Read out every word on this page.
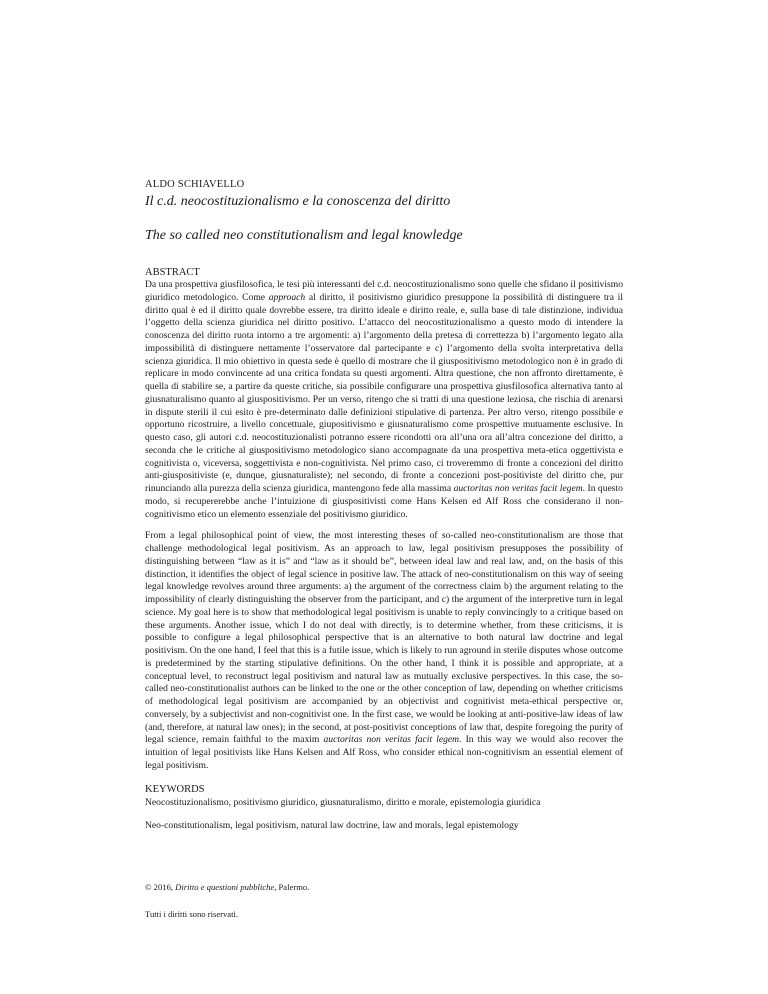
ALDO SCHIAVELLO

Il c.d. neocostituzionalismo e la conoscenza del diritto

The so called neo constitutionalism and legal knowledge

ABSTRACT

Da una prospettiva giusfilosofica, le tesi più interessanti del c.d. neocostituzionalismo sono quelle che sfidano il positivismo giuridico metodologico. Come approach al diritto, il positivismo giuridico presuppone la possibilità di distinguere tra il diritto qual è ed il diritto quale dovrebbe essere, tra diritto ideale e diritto reale, e, sulla base di tale distinzione, individua l’oggetto della scienza giuridica nel diritto positivo. L’attacco del neocostituzionalismo a questo modo di intendere la conoscenza del diritto ruota intorno a tre argomenti: a) l’argomento della pretesa di correttezza b) l’argomento legato alla impossibilità di distinguere nettamente l’osservatore dal partecipante e c) l’argomento della svolta interpretativa della scienza giuridica. Il mio obiettivo in questa sede è quello di mostrare che il giuspositivismo metodologico non è in grado di replicare in modo convincente ad una critica fondata su questi argomenti. Altra questione, che non affronto direttamente, è quella di stabilire se, a partire da queste critiche, sia possibile configurare una prospettiva giusfilosofica alternativa tanto al giusnaturalismo quanto al giuspositivismo. Per un verso, ritengo che si tratti di una questione leziosa, che rischia di arenarsi in dispute sterili il cui esito è pre-determinato dalle definizioni stipulative di partenza. Per altro verso, ritengo possibile e opportuno ricostruire, a livello concettuale, giupositivismo e giusnaturalismo come prospettive mutuamente esclusive. In questo caso, gli autori c.d. neocostituzionalisti potranno essere ricondotti ora all’una ora all’altra concezione del diritto, a seconda che le critiche al giuspositivismo metodologico siano accompagnate da una prospettiva meta-etica oggettivista e cognitivista o, viceversa, soggettivista e non-cognitivista. Nel primo caso, ci troveremmo di fronte a concezioni del diritto anti-giuspositiviste (e, dunque, giusnaturaliste); nel secondo, di fronte a concezioni post-positiviste del diritto che, pur rinunciando alla purezza della scienza giuridica, mantengono fede alla massima auctoritas non veritas facit legem. In questo modo, si recupererebbe anche l’intuizione di giuspositivisti come Hans Kelsen ed Alf Ross che considerano il non-cognitivismo etico un elemento essenziale del positivismo giuridico.

From a legal philosophical point of view, the most interesting theses of so-called neo-constitutionalism are those that challenge methodological legal positivism. As an approach to law, legal positivism presupposes the possibility of distinguishing between “law as it is” and “law as it should be”, between ideal law and real law, and, on the basis of this distinction, it identifies the object of legal science in positive law. The attack of neo-constitutionalism on this way of seeing legal knowledge revolves around three arguments: a) the argument of the correctness claim b) the argument relating to the impossibility of clearly distinguishing the observer from the participant, and c) the argument of the interpretive turn in legal science. My goal here is to show that methodological legal positivism is unable to reply convincingly to a critique based on these arguments. Another issue, which I do not deal with directly, is to determine whether, from these criticisms, it is possible to configure a legal philosophical perspective that is an alternative to both natural law doctrine and legal positivism. On the one hand, I feel that this is a futile issue, which is likely to run aground in sterile disputes whose outcome is predetermined by the starting stipulative definitions. On the other hand, I think it is possible and appropriate, at a conceptual level, to reconstruct legal positivism and natural law as mutually exclusive perspectives. In this case, the so-called neo-constitutionalist authors can be linked to the one or the other conception of law, depending on whether criticisms of methodological legal positivism are accompanied by an objectivist and cognitivist meta-ethical perspective or, conversely, by a subjectivist and non-cognitivist one. In the first case, we would be looking at anti-positive-law ideas of law (and, therefore, at natural law ones); in the second, at post-positivist conceptions of law that, despite foregoing the purity of legal science, remain faithful to the maxim auctoritas non veritas facit legem. In this way we would also recover the intuition of legal positivists like Hans Kelsen and Alf Ross, who consider ethical non-cognitivism an essential element of legal positivism.

KEYWORDS

Neocostituzionalismo, positivismo giuridico, giusnaturalismo, diritto e morale, epistemologia giuridica

Neo-constitutionalism, legal positivism, natural law doctrine, law and morals, legal epistemology

© 2016, Diritto e questioni pubbliche, Palermo.

Tutti i diritti sono riservati.
